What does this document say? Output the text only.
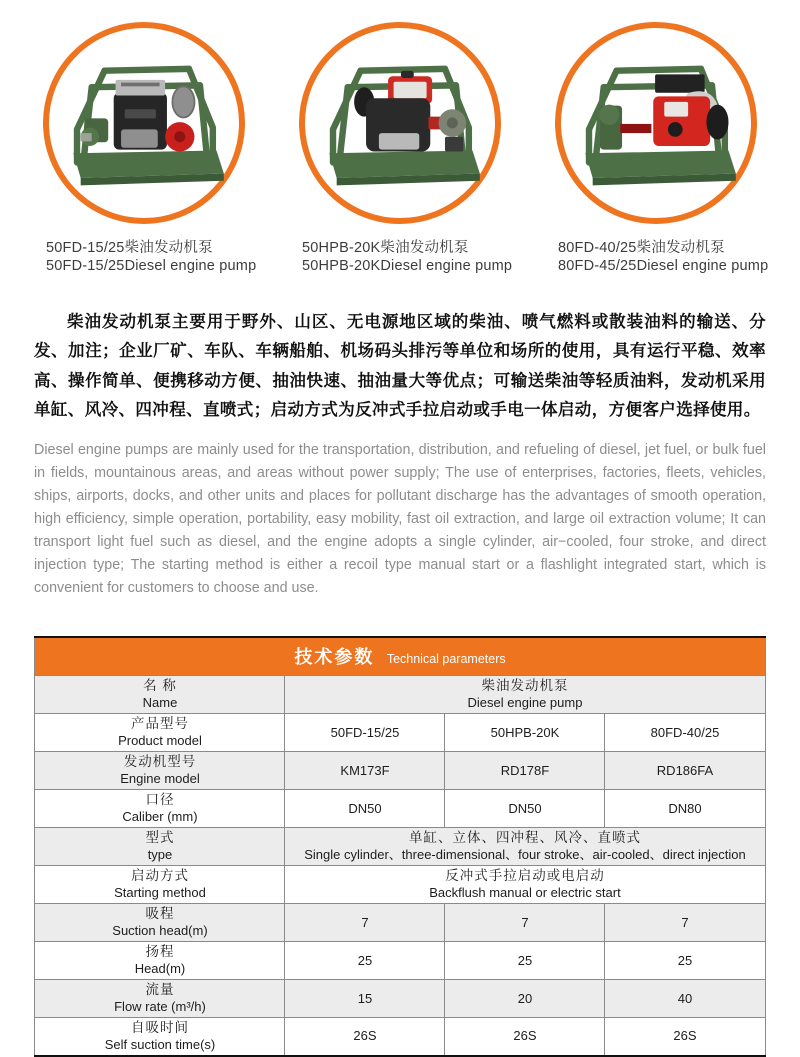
50FD-15/25柴油发动机泵
50FD-15/25Diesel engine pump
50HPB-20K柴油发动机泵
50HPB-20KDiesel engine pump
80FD-40/25柴油发动机泵
80FD-45/25Diesel engine pump

柴油发动机泵主要用于野外、山区、无电源地区域的柴油、喷气燃料或散装油料的输送、分发、加注；企业厂矿、车队、车辆船舶、机场码头排污等单位和场所的使用，具有运行平稳、效率高、操作简单、便携移动方便、抽油快速、抽油量大等优点；可输送柴油等轻质油料，发动机采用单缸、风冷、四冲程、直喷式；启动方式为反冲式手拉启动或手电一体启动，方便客户选择使用。

Diesel engine pumps are mainly used for the transportation, distribution, and refueling of diesel, jet fuel, or bulk fuel in fields, mountainous areas, and areas without power supply; The use of enterprises, factories, fleets, vehicles, ships, airports, docks, and other units and places for pollutant discharge has the advantages of smooth operation, high efficiency, simple operation, portability, easy mobility, fast oil extraction, and large oil extraction volume; It can transport light fuel such as diesel, and the engine adopts a single cylinder, air−cooled, four stroke, and direct injection type; The starting method is either a recoil type manual start or a flashlight integrated start, which is convenient for customers to choose and use.

技术参数 Technical parameters			

名 称
Name

柴油发动机泵
Diesel engine pump

产品型号
Product model	50FD-15/25	50HPB-20K	80FD-40/25

发动机型号
Engine model	KM173F	RD178F	RD186FA

口径
Caliber (mm)	DN50	DN50	DN80

型式
type

单缸、立体、四冲程、风冷、直喷式
Single cylinder、three-dimensional、four stroke、air-cooled、direct injection

启动方式
Starting method

反冲式手拉启动或电启动
Backflush manual or electric start

吸程
Suction head(m)	7	7	7

扬程
Head(m)	25	25	25

流量
Flow rate (m³/h)	15	20	40

自吸时间
Self suction time(s)	26S	26S	26S
